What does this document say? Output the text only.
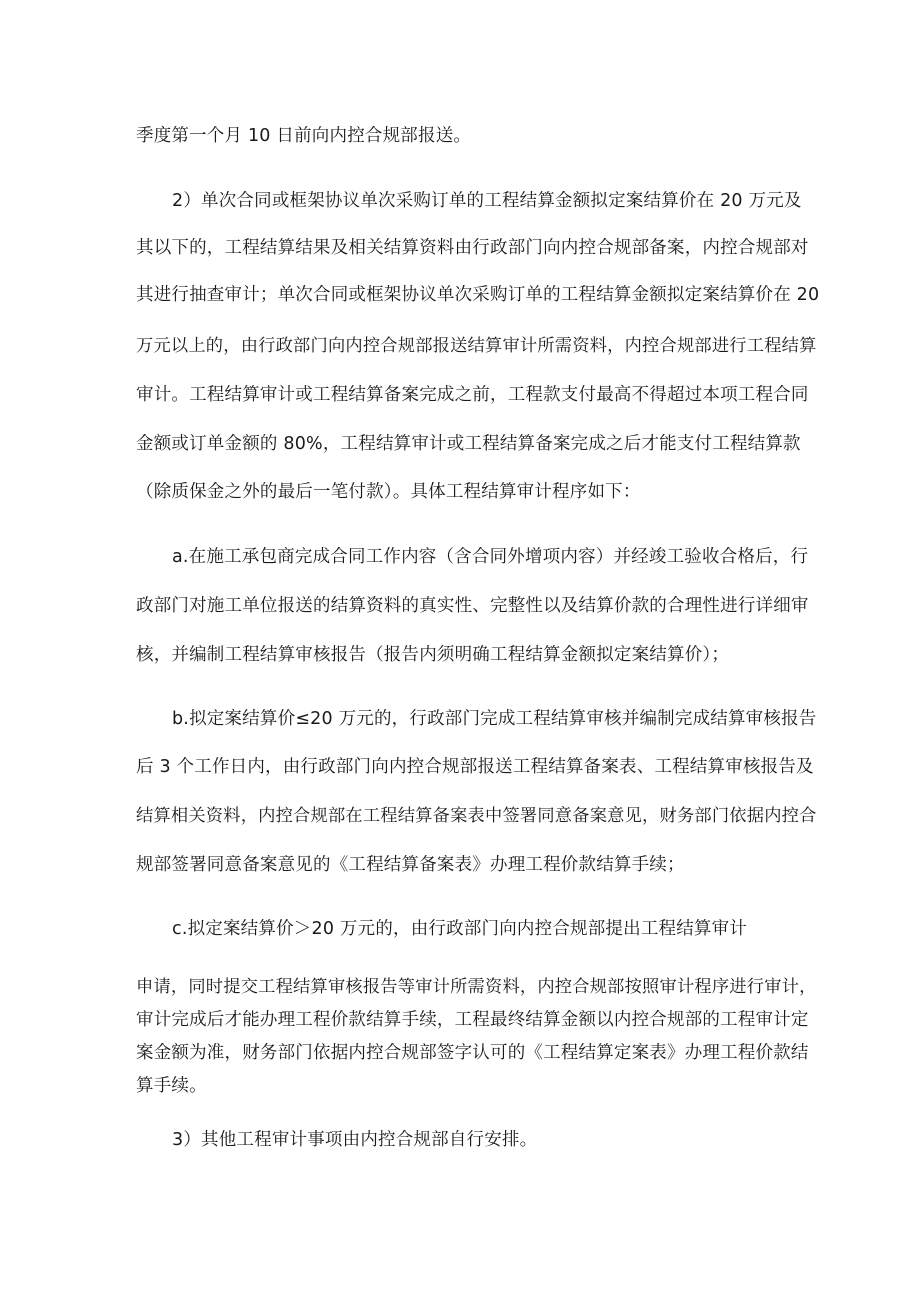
季度第一个月 10 日前向内控合规部报送。
2）单次合同或框架协议单次采购订单的工程结算金额拟定案结算价在 20 万元及
其以下的，工程结算结果及相关结算资料由行政部门向内控合规部备案，内控合规部对
其进行抽查审计；单次合同或框架协议单次采购订单的工程结算金额拟定案结算价在 20
万元以上的，由行政部门向内控合规部报送结算审计所需资料，内控合规部进行工程结算
审计。工程结算审计或工程结算备案完成之前，工程款支付最高不得超过本项工程合同
金额或订单金额的 80%，工程结算审计或工程结算备案完成之后才能支付工程结算款
（除质保金之外的最后一笔付款）。具体工程结算审计程序如下：
a.在施工承包商完成合同工作内容（含合同外增项内容）并经竣工验收合格后，行
政部门对施工单位报送的结算资料的真实性、完整性以及结算价款的合理性进行详细审
核，并编制工程结算审核报告（报告内须明确工程结算金额拟定案结算价）；
b.拟定案结算价≤20 万元的，行政部门完成工程结算审核并编制完成结算审核报告
后 3 个工作日内，由行政部门向内控合规部报送工程结算备案表、工程结算审核报告及
结算相关资料，内控合规部在工程结算备案表中签署同意备案意见，财务部门依据内控合
规部签署同意备案意见的《工程结算备案表》办理工程价款结算手续；
c.拟定案结算价＞20 万元的，由行政部门向内控合规部提出工程结算审计
申请，同时提交工程结算审核报告等审计所需资料，内控合规部按照审计程序进行审计，
审计完成后才能办理工程价款结算手续，工程最终结算金额以内控合规部的工程审计定
案金额为准，财务部门依据内控合规部签字认可的《工程结算定案表》办理工程价款结
算手续。
3）其他工程审计事项由内控合规部自行安排。
